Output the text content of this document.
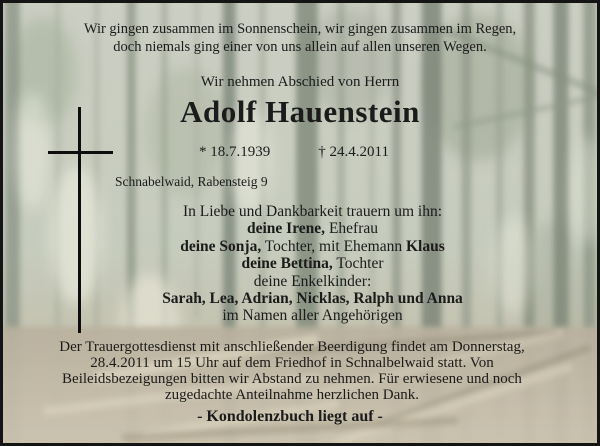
Wir gingen zusammen im Sonnenschein, wir gingen zusammen im Regen,
doch niemals ging einer von uns allein auf allen unseren Wegen.
Wir nehmen Abschied von Herrn
Adolf Hauenstein
* 18.7.1939	† 24.4.2011
Schnabelwaid, Rabensteig 9
In Liebe und Dankbarkeit trauern um ihn:
deine Irene, Ehefrau
deine Sonja, Tochter, mit Ehemann Klaus
deine Bettina, Tochter
deine Enkelkinder:
Sarah, Lea, Adrian, Nicklas, Ralph und Anna
im Namen aller Angehörigen
Der Trauergottesdienst mit anschließender Beerdigung findet am Donnerstag,
28.4.2011 um 15 Uhr auf dem Friedhof in Schnalbelwaid statt. Von
Beileidsbezeigungen bitten wir Abstand zu nehmen. Für erwiesene und noch
zugedachte Anteilnahme herzlichen Dank.
- Kondolenzbuch liegt auf -
